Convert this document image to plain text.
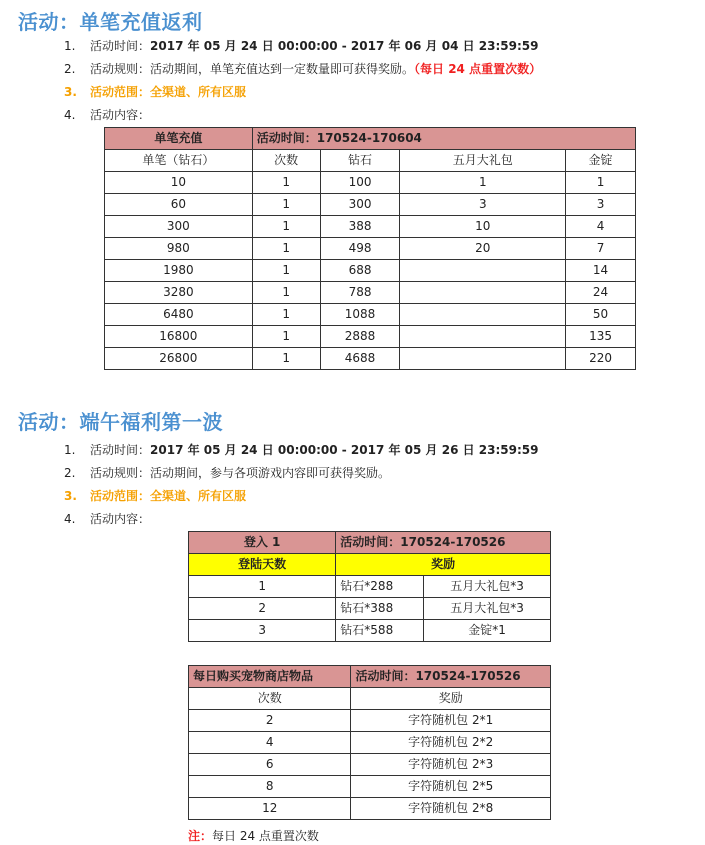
活动：单笔充值返利
1. 活动时间：2017 年 05 月 24 日 00:00:00 - 2017 年 06 月 04 日 23:59:59
2. 活动规则：活动期间，单笔充值达到一定数量即可获得奖励。（每日 24 点重置次数）
3. 活动范围：全渠道、所有区服
4. 活动内容：
单笔充值	活动时间：170524-170604			
单笔（钻石）	次数	钻石	五月大礼包	金锭
10	1	100	1	1
60	1	300	3	3
300	1	388	10	4
980	1	498	20	7
1980	1	688		14
3280	1	788		24
6480	1	1088		50
16800	1	2888		135
26800	1	4688		220
活动：端午福利第一波
1. 活动时间：2017 年 05 月 24 日 00:00:00 - 2017 年 05 月 26 日 23:59:59
2. 活动规则：活动期间，参与各项游戏内容即可获得奖励。
3. 活动范围：全渠道、所有区服
4. 活动内容：
登入 1	活动时间：170524-170526	
登陆天数	奖励	
1	钻石*288	五月大礼包*3
2	钻石*388	五月大礼包*3
3	钻石*588	金锭*1
每日购买宠物商店物品	活动时间：170524-170526
次数	奖励
2	字符随机包 2*1
4	字符随机包 2*2
6	字符随机包 2*3
8	字符随机包 2*5
12	字符随机包 2*8
注：每日 24 点重置次数
